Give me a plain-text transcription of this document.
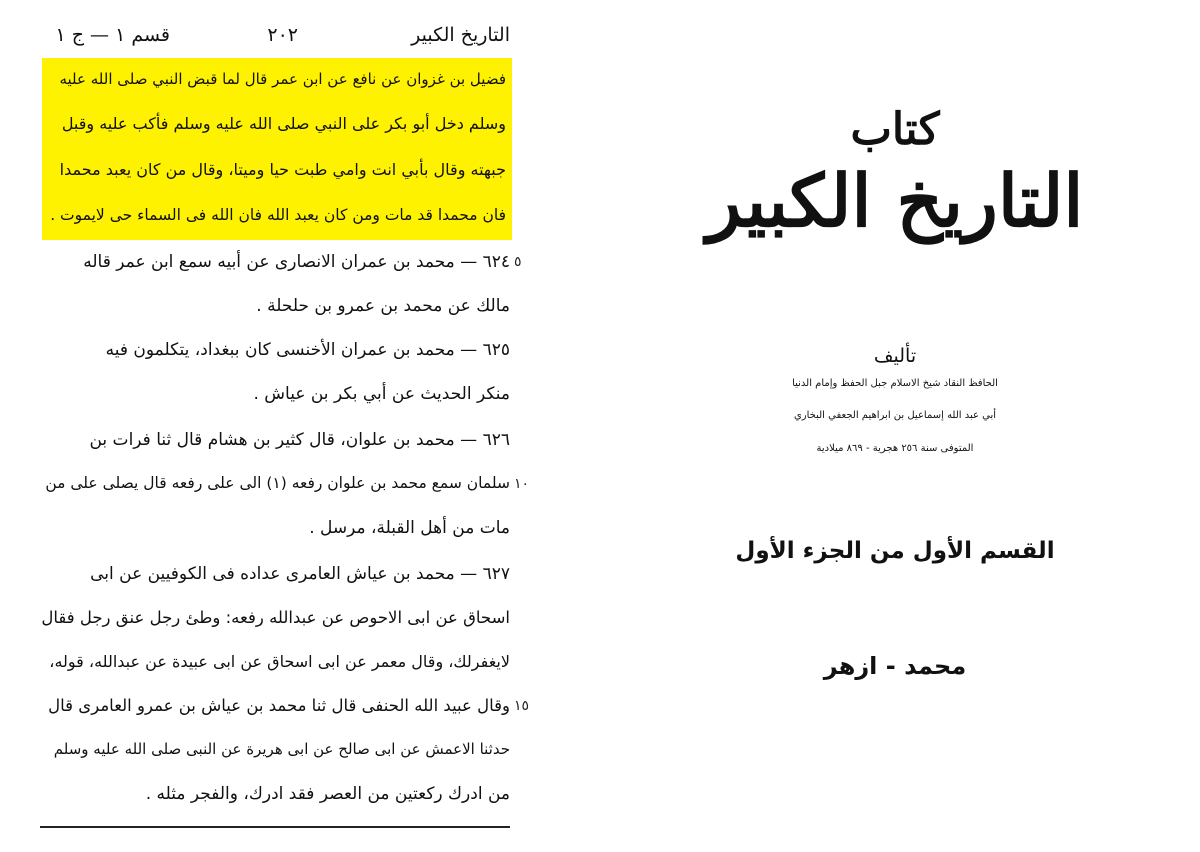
التاريخ الكبير
٢٠٢
قسم ١ — ج ١
فضيل بن غزوان عن نافع عن ابن عمر قال لما قبض النبي صلى الله عليه
وسلم دخل أبو بكر على النبي صلى الله عليه وسلم فأكب عليه وقبل
جبهته وقال بأبي انت وامي طبت حيا وميتا، وقال من كان يعبد محمدا
فان محمدا قد مات ومن كان يعبد الله فان الله فى السماء حى لايموت .
٦٢٤ — محمد بن عمران الانصارى عن أبيه سمع ابن عمر قاله
مالك عن محمد بن عمرو بن حلحلة .
٦٢٥ — محمد بن عمران الأخنسى كان ببغداد، يتكلمون فيه
منكر الحديث عن أبي بكر بن عياش .
٦٢٦ — محمد بن علوان، قال كثير بن هشام قال ثنا فرات بن
سلمان سمع محمد بن علوان رفعه (١) الى على رفعه قال يصلى على من
مات من أهل القبلة، مرسل .
٦٢٧ — محمد بن عياش العامرى عداده فى الكوفيين عن ابى
اسحاق عن ابى الاحوص عن عبدالله رفعه: وطئ رجل عنق رجل فقال
لايغفرلك، وقال معمر عن ابى اسحاق عن ابى عبيدة عن عبدالله، قوله،
وقال عبيد الله الحنفى قال ثنا محمد بن عياش بن عمرو العامرى قال
حدثنا الاعمش عن ابى صالح عن ابى هريرة عن النبى صلى الله عليه وسلم
من ادرك ركعتين من العصر فقد ادرك، والفجر مثله .
٥
١٠
١٥
كتاب
التاريخ الكبير
تأليف
الحافظ النقاد شيخ الاسلام جبل الحفظ وإمام الدنيا
أبي عبد الله إسماعيل بن ابراهيم الجعفي البخاري
المتوفى سنة ٢٥٦ هجرية - ٨٦٩ ميلادية
القسم الأول من الجزء الأول
محمد - ازهر
